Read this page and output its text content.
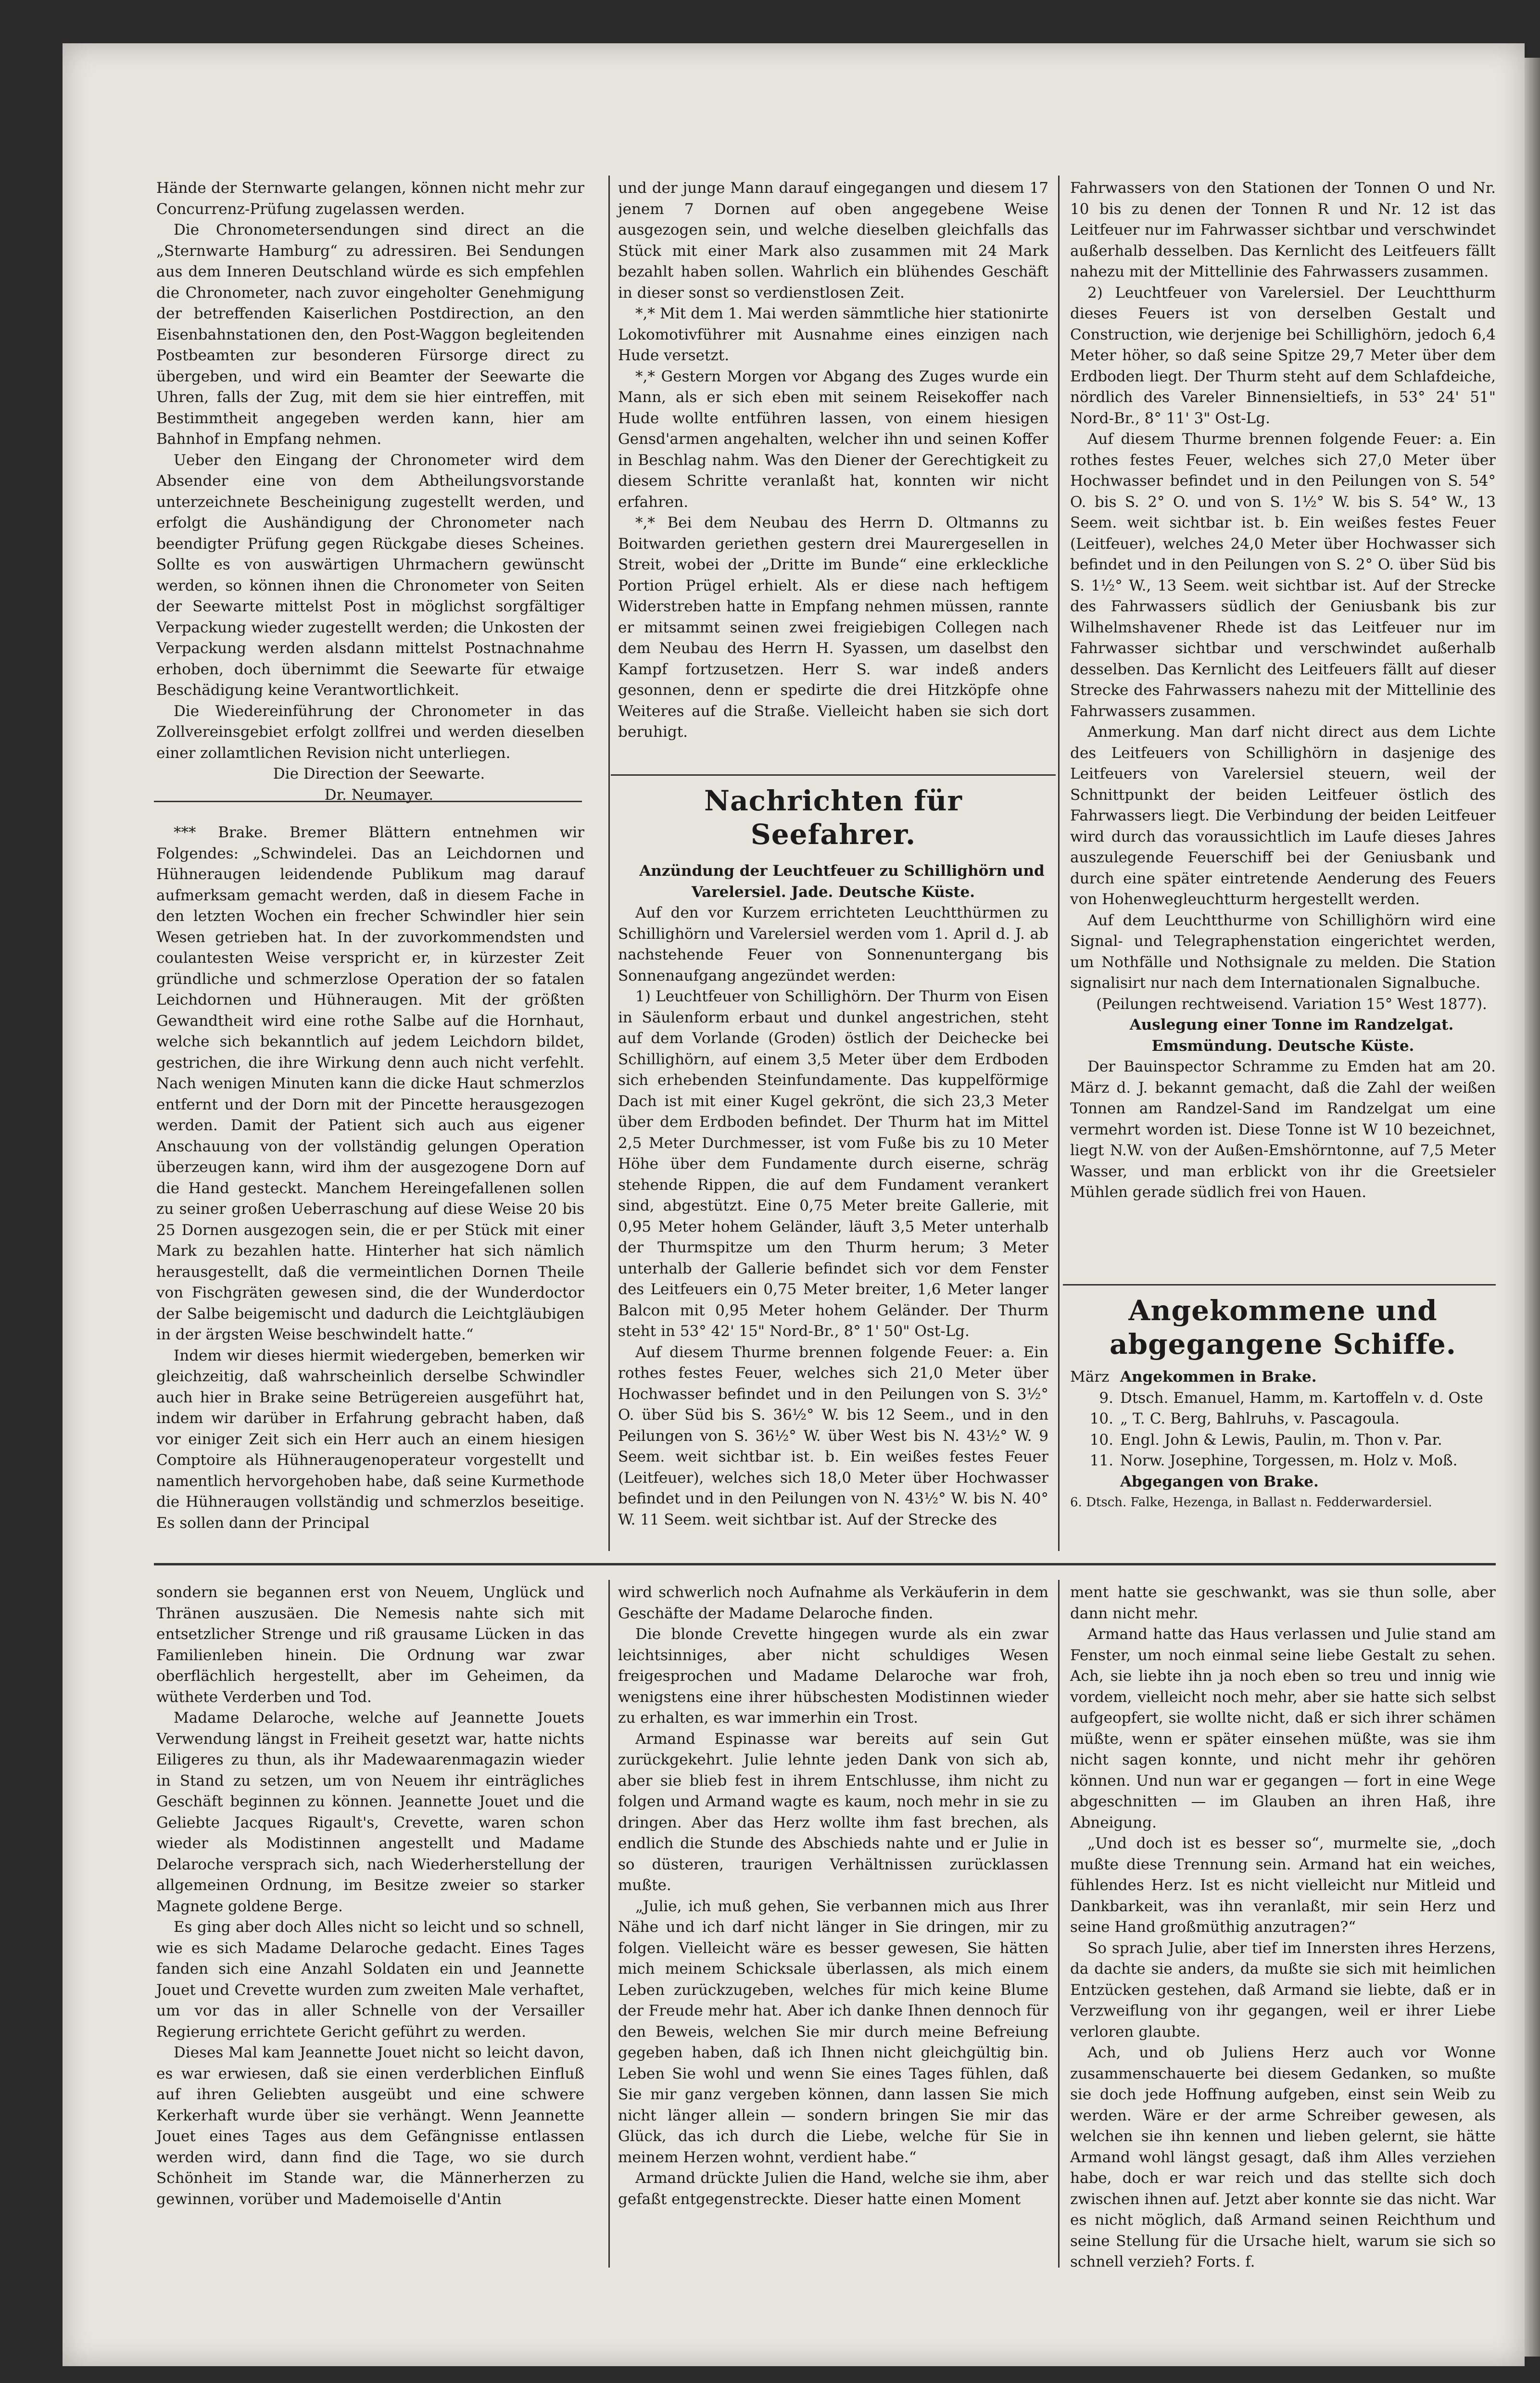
Hände der Sternwarte gelangen, können nicht mehr zur Concurrenz-Prüfung zugelassen werden.

Die Chronometersendungen sind direct an die „Sternwarte Hamburg“ zu adressiren. Bei Sendungen aus dem Inneren Deutschland würde es sich empfehlen die Chronometer, nach zuvor eingeholter Genehmigung der betreffenden Kaiserlichen Postdirection, an den Eisenbahnstationen den, den Post-Waggon begleitenden Postbeamten zur besonderen Fürsorge direct zu übergeben, und wird ein Beamter der Seewarte die Uhren, falls der Zug, mit dem sie hier eintreffen, mit Bestimmtheit angegeben werden kann, hier am Bahnhof in Empfang nehmen.

Ueber den Eingang der Chronometer wird dem Absender eine von dem Abtheilungsvorstande unterzeichnete Bescheinigung zugestellt werden, und erfolgt die Aushändigung der Chronometer nach beendigter Prüfung gegen Rückgabe dieses Scheines. Sollte es von auswärtigen Uhrmachern gewünscht werden, so können ihnen die Chronometer von Seiten der Seewarte mittelst Post in möglichst sorgfältiger Verpackung wieder zugestellt werden; die Unkosten der Verpackung werden alsdann mittelst Postnachnahme erhoben, doch übernimmt die Seewarte für etwaige Beschädigung keine Verantwortlichkeit.

Die Wiedereinführung der Chronometer in das Zollvereinsgebiet erfolgt zollfrei und werden dieselben einer zollamtlichen Revision nicht unterliegen.

Die Direction der Seewarte.

Dr. Neumayer.

*** Brake. Bremer Blättern entnehmen wir Folgendes: „Schwindelei. Das an Leichdornen und Hühneraugen leidendende Publikum mag darauf aufmerksam gemacht werden, daß in diesem Fache in den letzten Wochen ein frecher Schwindler hier sein Wesen getrieben hat. In der zuvorkommendsten und coulantesten Weise verspricht er, in kürzester Zeit gründliche und schmerzlose Operation der so fatalen Leichdornen und Hühneraugen. Mit der größten Gewandtheit wird eine rothe Salbe auf die Hornhaut, welche sich bekanntlich auf jedem Leichdorn bildet, gestrichen, die ihre Wirkung denn auch nicht verfehlt. Nach wenigen Minuten kann die dicke Haut schmerzlos entfernt und der Dorn mit der Pincette herausgezogen werden. Damit der Patient sich auch aus eigener Anschauung von der vollständig gelungen Operation überzeugen kann, wird ihm der ausgezogene Dorn auf die Hand gesteckt. Manchem Hereingefallenen sollen zu seiner großen Ueberraschung auf diese Weise 20 bis 25 Dornen ausgezogen sein, die er per Stück mit einer Mark zu bezahlen hatte. Hinterher hat sich nämlich herausgestellt, daß die vermeintlichen Dornen Theile von Fischgräten gewesen sind, die der Wunderdoctor der Salbe beigemischt und dadurch die Leichtgläubigen in der ärgsten Weise beschwindelt hatte.“

Indem wir dieses hiermit wiedergeben, bemerken wir gleichzeitig, daß wahrscheinlich derselbe Schwindler auch hier in Brake seine Betrügereien ausgeführt hat, indem wir darüber in Erfahrung gebracht haben, daß vor einiger Zeit sich ein Herr auch an einem hiesigen Comptoire als Hühneraugenoperateur vorgestellt und namentlich hervorgehoben habe, daß seine Kurmethode die Hühneraugen vollständig und schmerzlos beseitige. Es sollen dann der Principal

und der junge Mann darauf eingegangen und diesem 17 jenem 7 Dornen auf oben angegebene Weise ausgezogen sein, und welche dieselben gleichfalls das Stück mit einer Mark also zusammen mit 24 Mark bezahlt haben sollen. Wahrlich ein blühendes Geschäft in dieser sonst so verdienstlosen Zeit.

*,* Mit dem 1. Mai werden sämmtliche hier stationirte Lokomotivführer mit Ausnahme eines einzigen nach Hude versetzt.

*,* Gestern Morgen vor Abgang des Zuges wurde ein Mann, als er sich eben mit seinem Reisekoffer nach Hude wollte entführen lassen, von einem hiesigen Gensd'armen angehalten, welcher ihn und seinen Koffer in Beschlag nahm. Was den Diener der Gerechtigkeit zu diesem Schritte veranlaßt hat, konnten wir nicht erfahren.

*,* Bei dem Neubau des Herrn D. Oltmanns zu Boitwarden geriethen gestern drei Maurergesellen in Streit, wobei der „Dritte im Bunde“ eine erkleckliche Portion Prügel erhielt. Als er diese nach heftigem Widerstreben hatte in Empfang nehmen müssen, rannte er mitsammt seinen zwei freigiebigen Collegen nach dem Neubau des Herrn H. Syassen, um daselbst den Kampf fortzusetzen. Herr S. war indeß anders gesonnen, denn er spedirte die drei Hitzköpfe ohne Weiteres auf die Straße. Vielleicht haben sie sich dort beruhigt.

Nachrichten für Seefahrer.

Anzündung der Leuchtfeuer zu Schillighörn und Varelersiel. Jade. Deutsche Küste.

Auf den vor Kurzem errichteten Leuchtthürmen zu Schillighörn und Varelersiel werden vom 1. April d. J. ab nachstehende Feuer von Sonnenuntergang bis Sonnenaufgang angezündet werden:

1) Leuchtfeuer von Schillighörn. Der Thurm von Eisen in Säulenform erbaut und dunkel angestrichen, steht auf dem Vorlande (Groden) östlich der Deichecke bei Schillighörn, auf einem 3,5 Meter über dem Erdboden sich erhebenden Steinfundamente. Das kuppelförmige Dach ist mit einer Kugel gekrönt, die sich 23,3 Meter über dem Erdboden befindet. Der Thurm hat im Mittel 2,5 Meter Durchmesser, ist vom Fuße bis zu 10 Meter Höhe über dem Fundamente durch eiserne, schräg stehende Rippen, die auf dem Fundament verankert sind, abgestützt. Eine 0,75 Meter breite Gallerie, mit 0,95 Meter hohem Geländer, läuft 3,5 Meter unterhalb der Thurmspitze um den Thurm herum; 3 Meter unterhalb der Gallerie befindet sich vor dem Fenster des Leitfeuers ein 0,75 Meter breiter, 1,6 Meter langer Balcon mit 0,95 Meter hohem Geländer. Der Thurm steht in 53° 42' 15" Nord-Br., 8° 1' 50" Ost-Lg.

Auf diesem Thurme brennen folgende Feuer: a. Ein rothes festes Feuer, welches sich 21,0 Meter über Hochwasser befindet und in den Peilungen von S. 3½° O. über Süd bis S. 36½° W. bis 12 Seem., und in den Peilungen von S. 36½° W. über West bis N. 43½° W. 9 Seem. weit sichtbar ist. b. Ein weißes festes Feuer (Leitfeuer), welches sich 18,0 Meter über Hochwasser befindet und in den Peilungen von N. 43½° W. bis N. 40° W. 11 Seem. weit sichtbar ist. Auf der Strecke des

Fahrwassers von den Stationen der Tonnen O und Nr. 10 bis zu denen der Tonnen R und Nr. 12 ist das Leitfeuer nur im Fahrwasser sichtbar und verschwindet außerhalb desselben. Das Kernlicht des Leitfeuers fällt nahezu mit der Mittellinie des Fahrwassers zusammen.

2) Leuchtfeuer von Varelersiel. Der Leuchtthurm dieses Feuers ist von derselben Gestalt und Construction, wie derjenige bei Schillighörn, jedoch 6,4 Meter höher, so daß seine Spitze 29,7 Meter über dem Erdboden liegt. Der Thurm steht auf dem Schlafdeiche, nördlich des Vareler Binnensieltiefs, in 53° 24' 51" Nord-Br., 8° 11' 3" Ost-Lg.

Auf diesem Thurme brennen folgende Feuer: a. Ein rothes festes Feuer, welches sich 27,0 Meter über Hochwasser befindet und in den Peilungen von S. 54° O. bis S. 2° O. und von S. 1½° W. bis S. 54° W., 13 Seem. weit sichtbar ist. b. Ein weißes festes Feuer (Leitfeuer), welches 24,0 Meter über Hochwasser sich befindet und in den Peilungen von S. 2° O. über Süd bis S. 1½° W., 13 Seem. weit sichtbar ist. Auf der Strecke des Fahrwassers südlich der Geniusbank bis zur Wilhelmshavener Rhede ist das Leitfeuer nur im Fahrwasser sichtbar und verschwindet außerhalb desselben. Das Kernlicht des Leitfeuers fällt auf dieser Strecke des Fahrwassers nahezu mit der Mittellinie des Fahrwassers zusammen.

Anmerkung. Man darf nicht direct aus dem Lichte des Leitfeuers von Schillighörn in dasjenige des Leitfeuers von Varelersiel steuern, weil der Schnittpunkt der beiden Leitfeuer östlich des Fahrwassers liegt. Die Verbindung der beiden Leitfeuer wird durch das voraussichtlich im Laufe dieses Jahres auszulegende Feuerschiff bei der Geniusbank und durch eine später eintretende Aenderung des Feuers von Hohenwegleuchtturm hergestellt werden.

Auf dem Leuchtthurme von Schillighörn wird eine Signal- und Telegraphenstation eingerichtet werden, um Nothfälle und Nothsignale zu melden. Die Station signalisirt nur nach dem Internationalen Signalbuche.

(Peilungen rechtweisend. Variation 15° West 1877).

Auslegung einer Tonne im Randzelgat. Emsmündung. Deutsche Küste.

Der Bauinspector Schramme zu Emden hat am 20. März d. J. bekannt gemacht, daß die Zahl der weißen Tonnen am Randzel-Sand im Randzelgat um eine vermehrt worden ist. Diese Tonne ist W 10 bezeichnet, liegt N.W. von der Außen-Emshörntonne, auf 7,5 Meter Wasser, und man erblickt von ihr die Greetsieler Mühlen gerade südlich frei von Hauen.

Angekommene und abgegangene Schiffe.
März Angekommen in Brake.
9. Dtsch. Emanuel, Hamm, m. Kartoffeln v. d. Oste
10. „ T. C. Berg, Bahlruhs, v. Pascagoula.
10. Engl. John & Lewis, Paulin, m. Thon v. Par.
11. Norw. Josephine, Torgessen, m. Holz v. Moß.
Abgegangen von Brake.

6. Dtsch. Falke, Hezenga, in Ballast n. Fedderwardersiel.

sondern sie begannen erst von Neuem, Unglück und Thränen auszusäen. Die Nemesis nahte sich mit entsetzlicher Strenge und riß grausame Lücken in das Familienleben hinein. Die Ordnung war zwar oberflächlich hergestellt, aber im Geheimen, da wüthete Verderben und Tod.

Madame Delaroche, welche auf Jeannette Jouets Verwendung längst in Freiheit gesetzt war, hatte nichts Eiligeres zu thun, als ihr Madewaarenmagazin wieder in Stand zu setzen, um von Neuem ihr einträgliches Geschäft beginnen zu können. Jeannette Jouet und die Geliebte Jacques Rigault's, Crevette, waren schon wieder als Modistinnen angestellt und Madame Delaroche versprach sich, nach Wiederherstellung der allgemeinen Ordnung, im Besitze zweier so starker Magnete goldene Berge.

Es ging aber doch Alles nicht so leicht und so schnell, wie es sich Madame Delaroche gedacht. Eines Tages fanden sich eine Anzahl Soldaten ein und Jeannette Jouet und Crevette wurden zum zweiten Male verhaftet, um vor das in aller Schnelle von der Versailler Regierung errichtete Gericht geführt zu werden.

Dieses Mal kam Jeannette Jouet nicht so leicht davon, es war erwiesen, daß sie einen verderblichen Einfluß auf ihren Geliebten ausgeübt und eine schwere Kerkerhaft wurde über sie verhängt. Wenn Jeannette Jouet eines Tages aus dem Gefängnisse entlassen werden wird, dann find die Tage, wo sie durch Schönheit im Stande war, die Männerherzen zu gewinnen, vorüber und Mademoiselle d'Antin

wird schwerlich noch Aufnahme als Verkäuferin in dem Geschäfte der Madame Delaroche finden.

Die blonde Crevette hingegen wurde als ein zwar leichtsinniges, aber nicht schuldiges Wesen freigesprochen und Madame Delaroche war froh, wenigstens eine ihrer hübschesten Modistinnen wieder zu erhalten, es war immerhin ein Trost.

Armand Espinasse war bereits auf sein Gut zurückgekehrt. Julie lehnte jeden Dank von sich ab, aber sie blieb fest in ihrem Entschlusse, ihm nicht zu folgen und Armand wagte es kaum, noch mehr in sie zu dringen. Aber das Herz wollte ihm fast brechen, als endlich die Stunde des Abschieds nahte und er Julie in so düsteren, traurigen Verhältnissen zurücklassen mußte.

„Julie, ich muß gehen, Sie verbannen mich aus Ihrer Nähe und ich darf nicht länger in Sie dringen, mir zu folgen. Vielleicht wäre es besser gewesen, Sie hätten mich meinem Schicksale überlassen, als mich einem Leben zurückzugeben, welches für mich keine Blume der Freude mehr hat. Aber ich danke Ihnen dennoch für den Beweis, welchen Sie mir durch meine Befreiung gegeben haben, daß ich Ihnen nicht gleichgültig bin. Leben Sie wohl und wenn Sie eines Tages fühlen, daß Sie mir ganz vergeben können, dann lassen Sie mich nicht länger allein — sondern bringen Sie mir das Glück, das ich durch die Liebe, welche für Sie in meinem Herzen wohnt, verdient habe.“

Armand drückte Julien die Hand, welche sie ihm, aber gefaßt entgegenstreckte. Dieser hatte einen Moment

ment hatte sie geschwankt, was sie thun solle, aber dann nicht mehr.

Armand hatte das Haus verlassen und Julie stand am Fenster, um noch einmal seine liebe Gestalt zu sehen. Ach, sie liebte ihn ja noch eben so treu und innig wie vordem, vielleicht noch mehr, aber sie hatte sich selbst aufgeopfert, sie wollte nicht, daß er sich ihrer schämen müßte, wenn er später einsehen müßte, was sie ihm nicht sagen konnte, und nicht mehr ihr gehören können. Und nun war er gegangen — fort in eine Wege abgeschnitten — im Glauben an ihren Haß, ihre Abneigung.

„Und doch ist es besser so“, murmelte sie, „doch mußte diese Trennung sein. Armand hat ein weiches, fühlendes Herz. Ist es nicht vielleicht nur Mitleid und Dankbarkeit, was ihn veranlaßt, mir sein Herz und seine Hand großmüthig anzutragen?“

So sprach Julie, aber tief im Innersten ihres Herzens, da dachte sie anders, da mußte sie sich mit heimlichen Entzücken gestehen, daß Armand sie liebte, daß er in Verzweiflung von ihr gegangen, weil er ihrer Liebe verloren glaubte.

Ach, und ob Juliens Herz auch vor Wonne zusammenschauerte bei diesem Gedanken, so mußte sie doch jede Hoffnung aufgeben, einst sein Weib zu werden. Wäre er der arme Schreiber gewesen, als welchen sie ihn kennen und lieben gelernt, sie hätte Armand wohl längst gesagt, daß ihm Alles verziehen habe, doch er war reich und das stellte sich doch zwischen ihnen auf. Jetzt aber konnte sie das nicht. War es nicht möglich, daß Armand seinen Reichthum und seine Stellung für die Ursache hielt, warum sie sich so schnell verzieh? Forts. f.
